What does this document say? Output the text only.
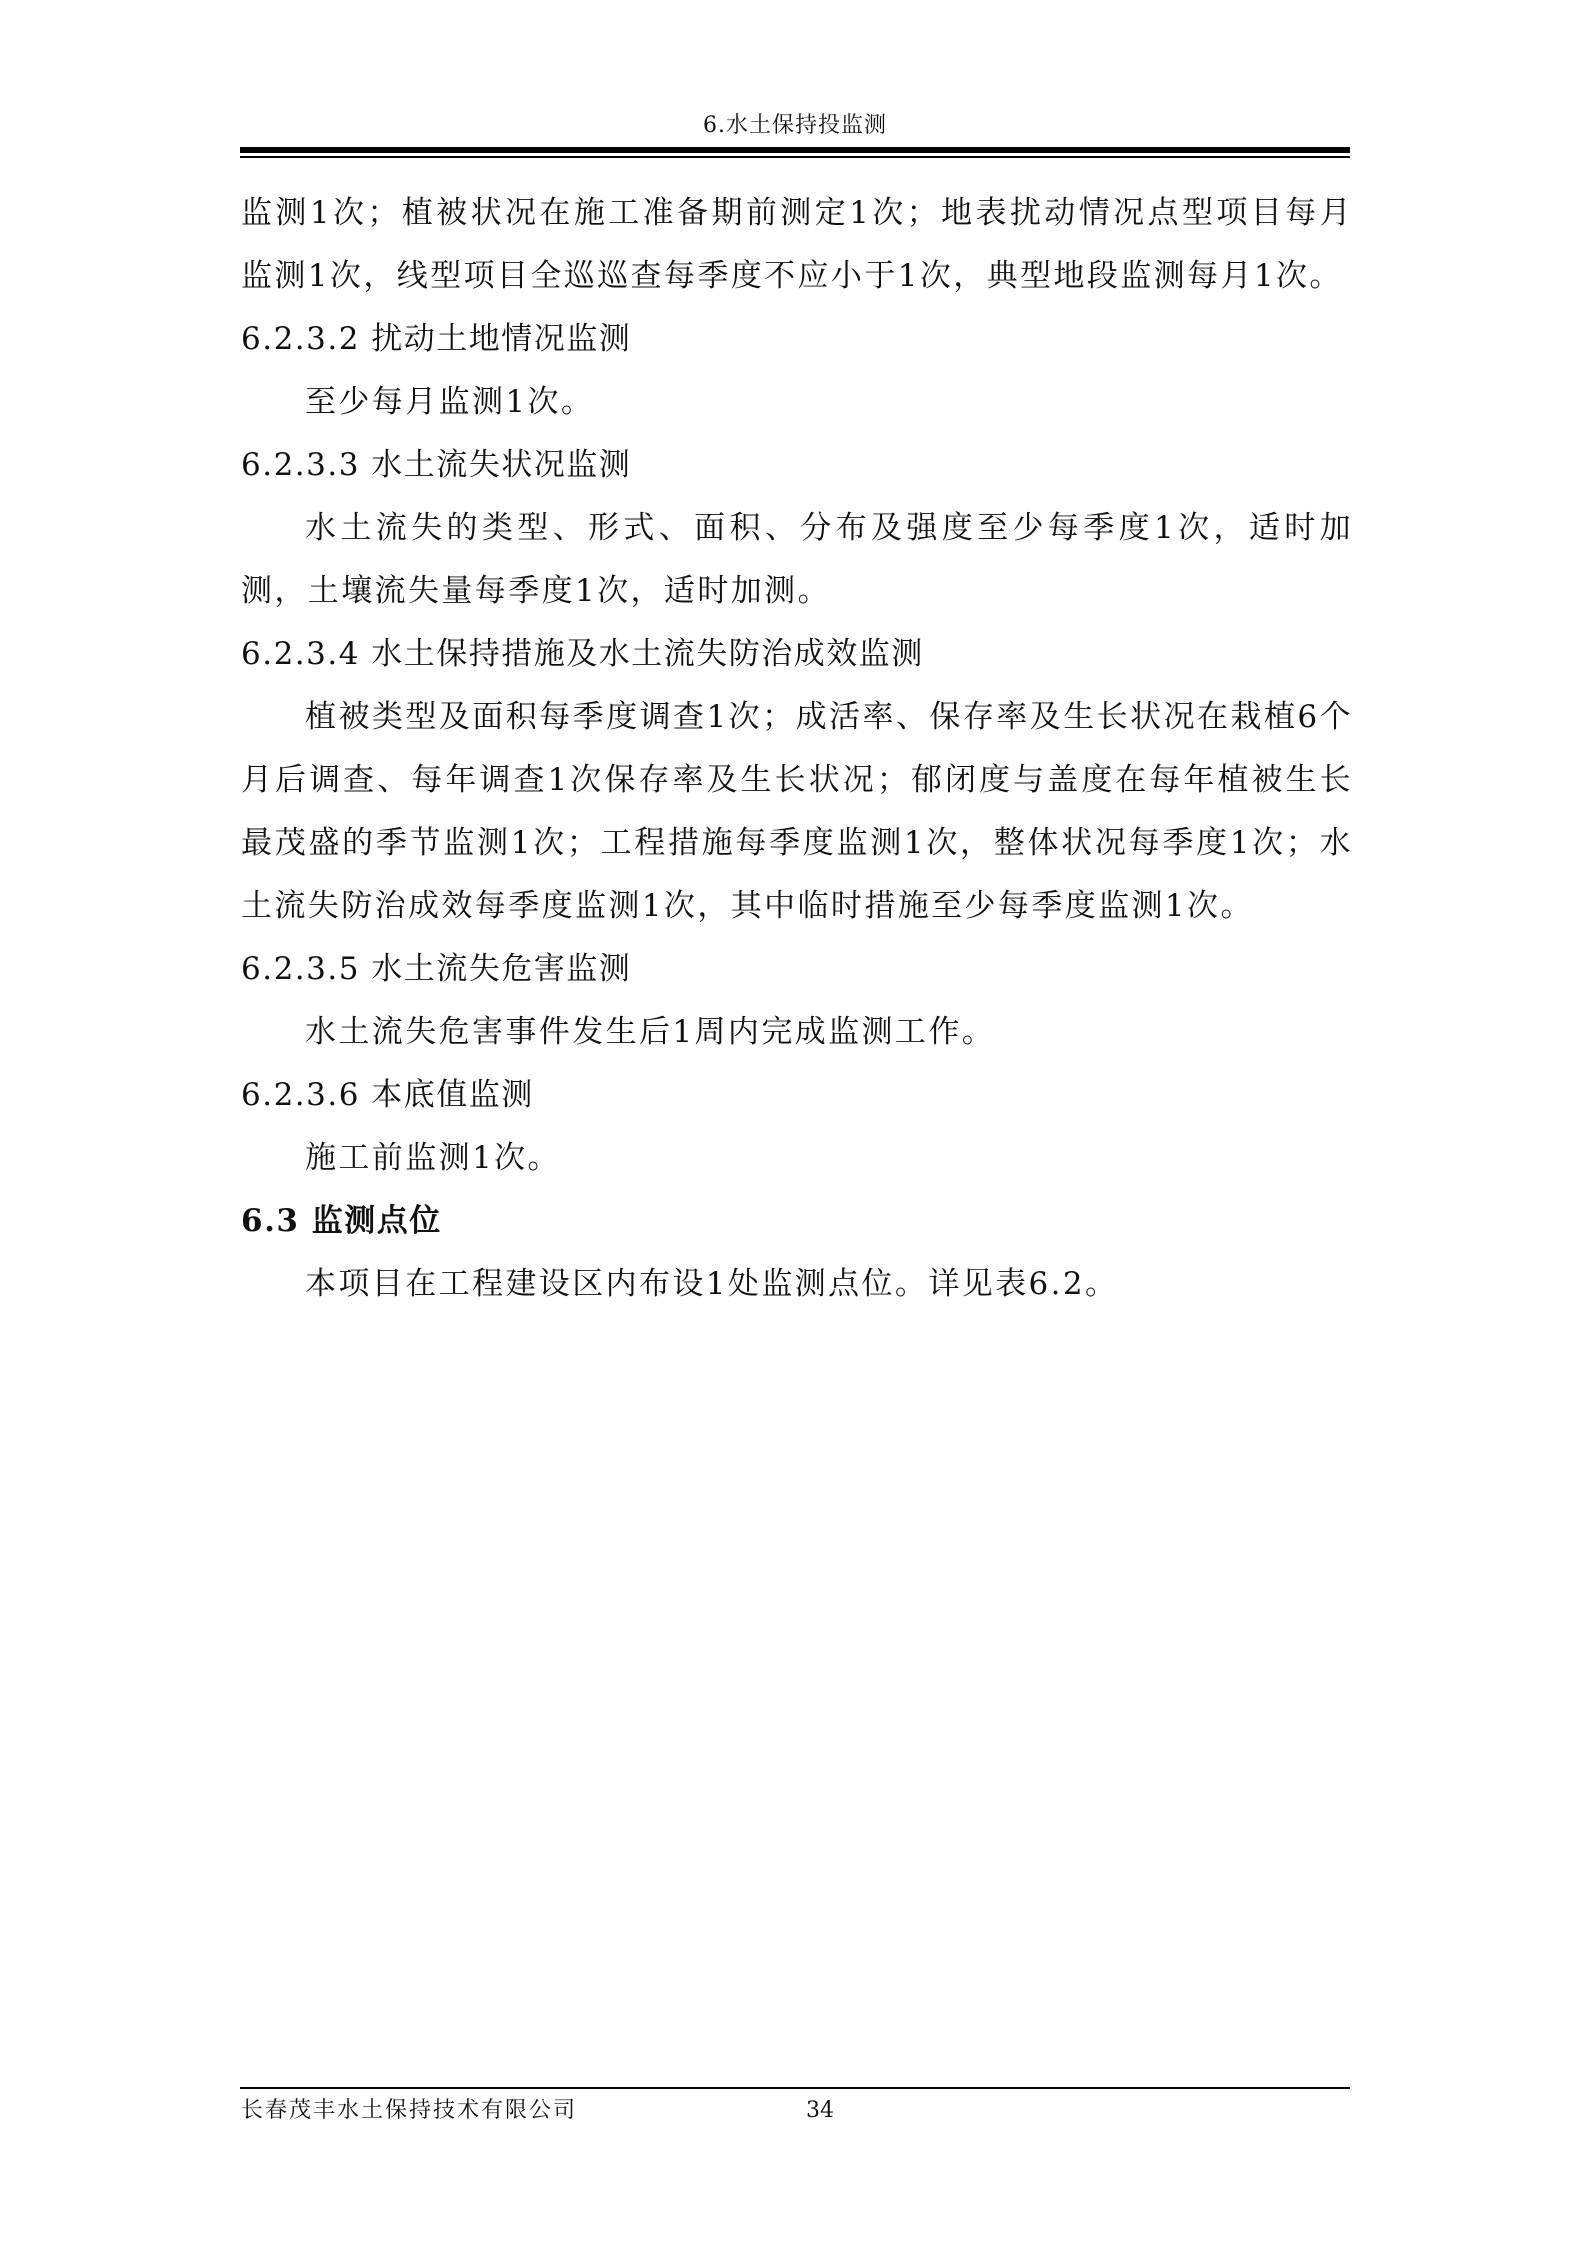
6.水土保持投监测

监测1次；植被状况在施工准备期前测定1次；地表扰动情况点型项目每月监测1次，线型项目全巡巡查每季度不应小于1次，典型地段监测每月1次。

6.2.3.2 扰动土地情况监测

至少每月监测1次。

6.2.3.3 水土流失状况监测

水土流失的类型、形式、面积、分布及强度至少每季度1次，适时加测，土壤流失量每季度1次，适时加测。

6.2.3.4 水土保持措施及水土流失防治成效监测

植被类型及面积每季度调查1次；成活率、保存率及生长状况在栽植6个月后调查、每年调查1次保存率及生长状况；郁闭度与盖度在每年植被生长最茂盛的季节监测1次；工程措施每季度监测1次，整体状况每季度1次；水土流失防治成效每季度监测1次，其中临时措施至少每季度监测1次。

6.2.3.5 水土流失危害监测

水土流失危害事件发生后1周内完成监测工作。

6.2.3.6 本底值监测

施工前监测1次。

6.3 监测点位

本项目在工程建设区内布设1处监测点位。详见表6.2。

长春茂丰水土保持技术有限公司	34
